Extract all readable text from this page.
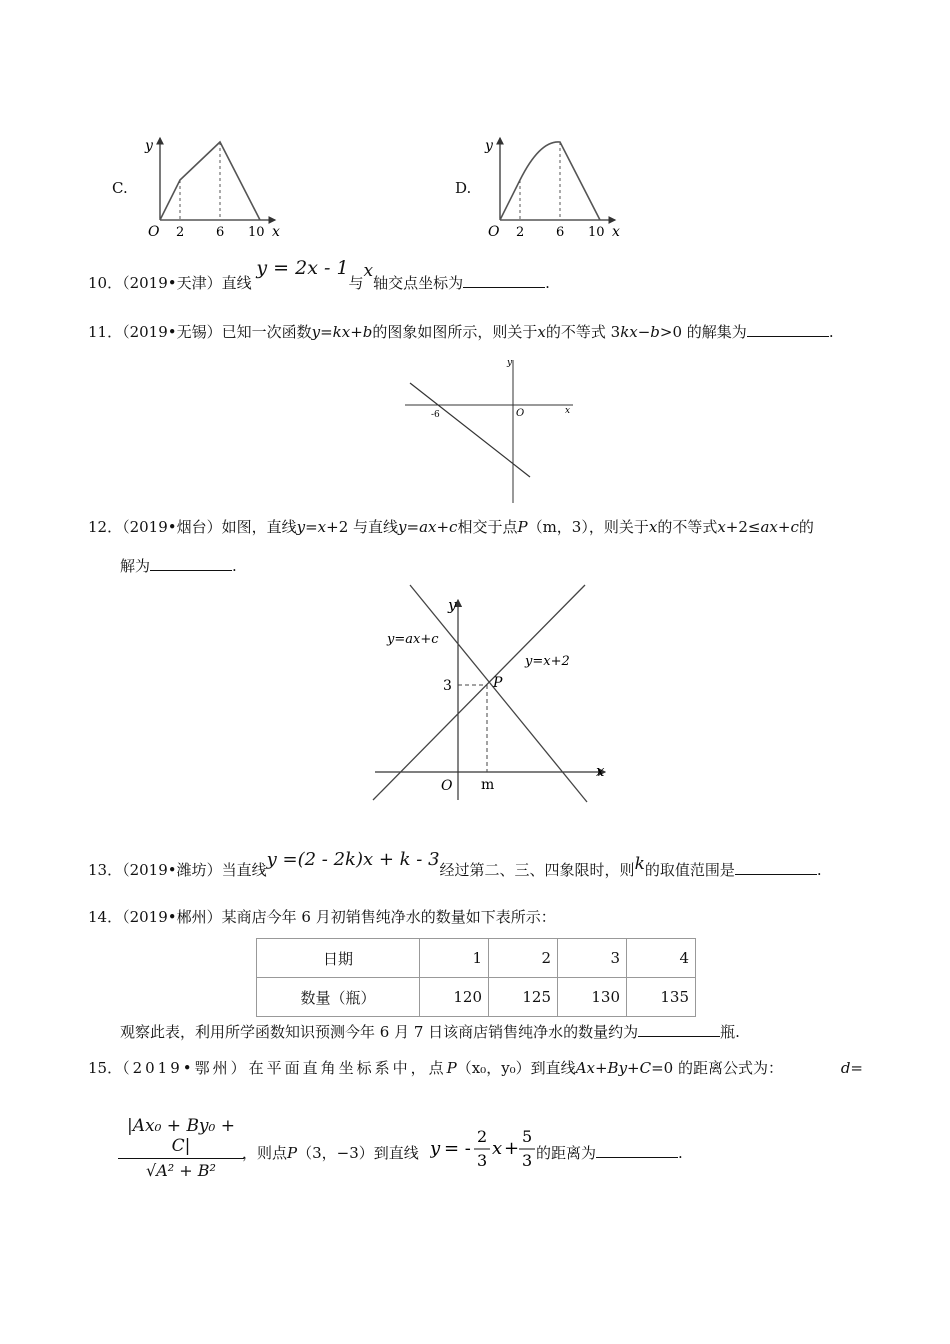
C.
y
O 2 6 10 x
D.
y
O 2 6 10 x
10．（2019•天津）直线 y = 2x - 1与x轴交点坐标为	.
11．（2019•无锡）已知一次函数y=kx+b的图象如图所示，则关于x的不等式 3kx−b>0 的解集为	.
y
x
O
-6
12．（2019•烟台）如图，直线y=x+2 与直线y=ax+c相交于点P（m，3），则关于x的不等式x+2≤ax+c的
解为	.
y
x
O m
3	P
y=ax+c
y=x+2
13．（2019•潍坊）当直线y =(2 - 2k)x + k - 3经过第二、三、四象限时，则k的取值范围是	.
14．（2019•郴州）某商店今年 6 月初销售纯净水的数量如下表所示：
日期	1	2	3	4
数量（瓶）	120	125	130	135
观察此表，利用所学函数知识预测今年 6 月 7 日该商店销售纯净水的数量约为	瓶.
15．（2019•鄂州）在平面直角坐标系中，点P（x₀，y₀）到直线Ax+By+C=0 的距离公式为：	d=
$\frac{\text{|Ax₀ + By₀ + C|}}{\text{√A² + B²}}$
，则点P（3，−3）到直线 y = -
2
3
x +
5
3 的距离为	.
